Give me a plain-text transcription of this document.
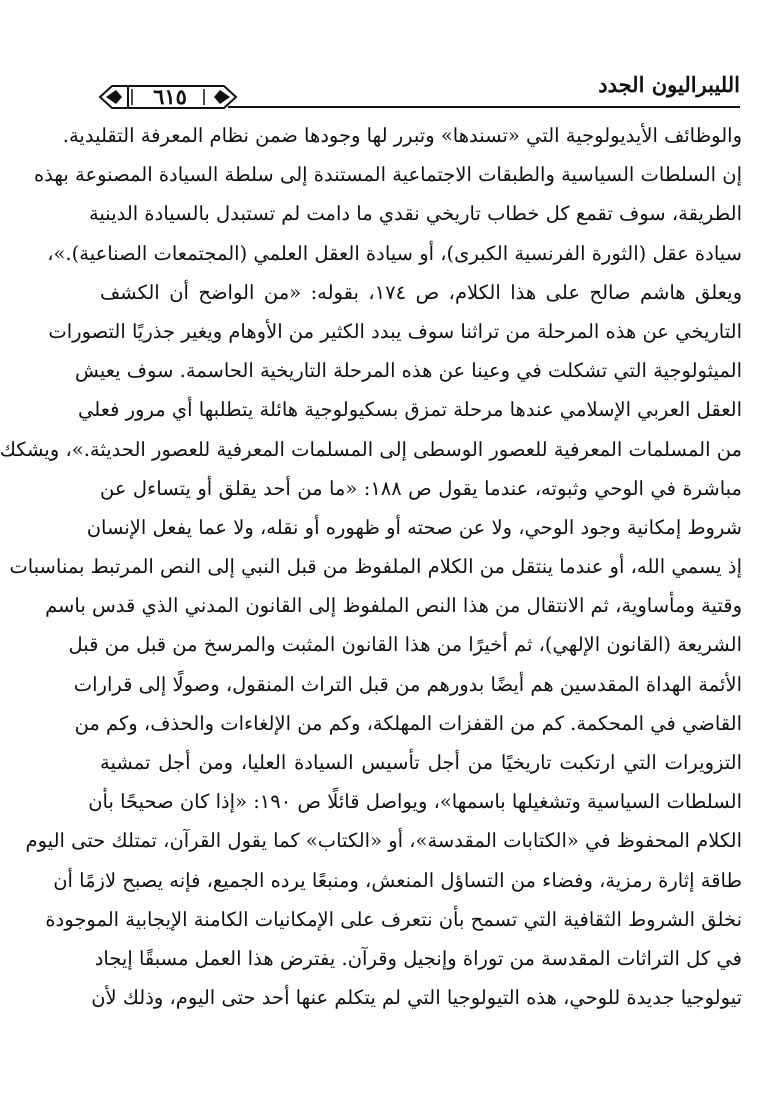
الليبراليون الجدد
٦١٥
والوظائف الأيديولوجية التي «تسندها» وتبرر لها وجودها ضمن نظام المعرفة التقليدية.
إن السلطات السياسية والطبقات الاجتماعية المستندة إلى سلطة السيادة المصنوعة بهذه
الطريقة، سوف تقمع كل خطاب تاريخي نقدي ما دامت لم تستبدل بالسيادة الدينية
سيادة عقل (الثورة الفرنسية الكبرى)، أو سيادة العقل العلمي (المجتمعات الصناعية).»،
ويعلق هاشم صالح على هذا الكلام، ص ١٧٤، بقوله: «من الواضح أن الكشف
التاريخي عن هذه المرحلة من تراثنا سوف يبدد الكثير من الأوهام ويغير جذريًا التصورات
الميثولوجية التي تشكلت في وعينا عن هذه المرحلة التاريخية الحاسمة. سوف يعيش
العقل العربي الإسلامي عندها مرحلة تمزق بسكيولوجية هائلة يتطلبها أي مرور فعلي
من المسلمات المعرفية للعصور الوسطى إلى المسلمات المعرفية للعصور الحديثة.»، ويشكك
مباشرة في الوحي وثبوته، عندما يقول ص ١٨٨: «ما من أحد يقلق أو يتساءل عن
شروط إمكانية وجود الوحي، ولا عن صحته أو ظهوره أو نقله، ولا عما يفعل الإنسان
إذ يسمي الله، أو عندما ينتقل من الكلام الملفوظ من قبل النبي إلى النص المرتبط بمناسبات
وقتية ومأساوية، ثم الانتقال من هذا النص الملفوظ إلى القانون المدني الذي قدس باسم
الشريعة (القانون الإلهي)، ثم أخيرًا من هذا القانون المثبت والمرسخ من قبل من قبل
الأئمة الهداة المقدسين هم أيضًا بدورهم من قبل التراث المنقول، وصولًا إلى قرارات
القاضي في المحكمة. كم من القفزات المهلكة، وكم من الإلغاءات والحذف، وكم من
التزويرات التي ارتكبت تاريخيًا من أجل تأسيس السيادة العليا، ومن أجل تمشية
السلطات السياسية وتشغيلها باسمها»، ويواصل قائلًا ص ١٩٠: «إذا كان صحيحًا بأن
الكلام المحفوظ في «الكتابات المقدسة»، أو «الكتاب» كما يقول القرآن، تمتلك حتى اليوم
طاقة إثارة رمزية، وفضاء من التساؤل المنعش، ومنبعًا يرده الجميع، فإنه يصبح لازمًا أن
نخلق الشروط الثقافية التي تسمح بأن نتعرف على الإمكانيات الكامنة الإيجابية الموجودة
في كل التراثات المقدسة من توراة وإنجيل وقرآن. يفترض هذا العمل مسبقًا إيجاد
تيولوجيا جديدة للوحي، هذه التيولوجيا التي لم يتكلم عنها أحد حتى اليوم، وذلك لأن
